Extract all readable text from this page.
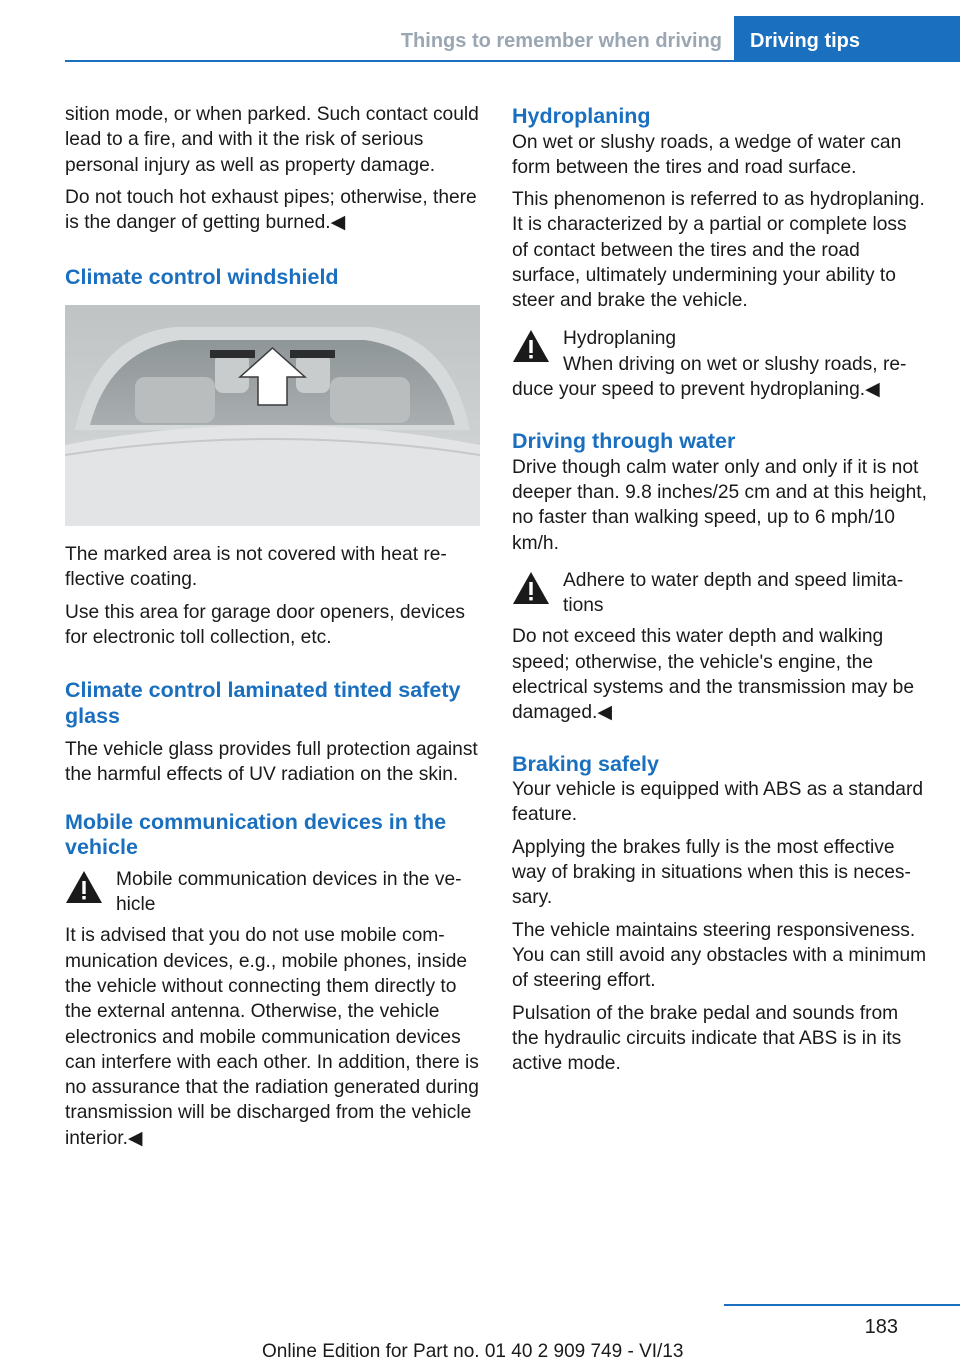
Things to remember when driving	Driving tips

sition mode, or when parked. Such contact could lead to a fire, and with it the risk of serious personal injury as well as property damage.

Do not touch hot exhaust pipes; otherwise, there is the danger of getting burned.◀

Climate control windshield

The marked area is not covered with heat reflective coating.

Use this area for garage door openers, devices for electronic toll collection, etc.

Climate control laminated tinted safety glass

The vehicle glass provides full protection against the harmful effects of UV radiation on the skin.

Mobile communication devices in the vehicle
Mobile communication devices in the vehicle

It is advised that you do not use mobile communication devices, e.g., mobile phones, inside the vehicle without connecting them directly to the external antenna. Otherwise, the vehicle electronics and mobile communication devices can interfere with each other. In addition, there is no assurance that the radiation generated during transmission will be discharged from the vehicle interior.◀

Hydroplaning

On wet or slushy roads, a wedge of water can form between the tires and road surface.

This phenomenon is referred to as hydroplaning. It is characterized by a partial or complete loss of contact between the tires and the road surface, ultimately undermining your ability to steer and brake the vehicle.

Hydroplaning

When driving on wet or slushy roads, reduce your speed to prevent hydroplaning.◀

Driving through water

Drive though calm water only and only if it is not deeper than. 9.8 inches/25 cm and at this height, no faster than walking speed, up to 6 mph/10 km/h.

Adhere to water depth and speed limitations

Do not exceed this water depth and walking speed; otherwise, the vehicle's engine, the electrical systems and the transmission may be damaged.◀

Braking safely

Your vehicle is equipped with ABS as a standard feature.

Applying the brakes fully is the most effective way of braking in situations when this is necessary.

The vehicle maintains steering responsiveness. You can still avoid any obstacles with a minimum of steering effort.

Pulsation of the brake pedal and sounds from the hydraulic circuits indicate that ABS is in its active mode.

183
Online Edition for Part no. 01 40 2 909 749 - VI/13
